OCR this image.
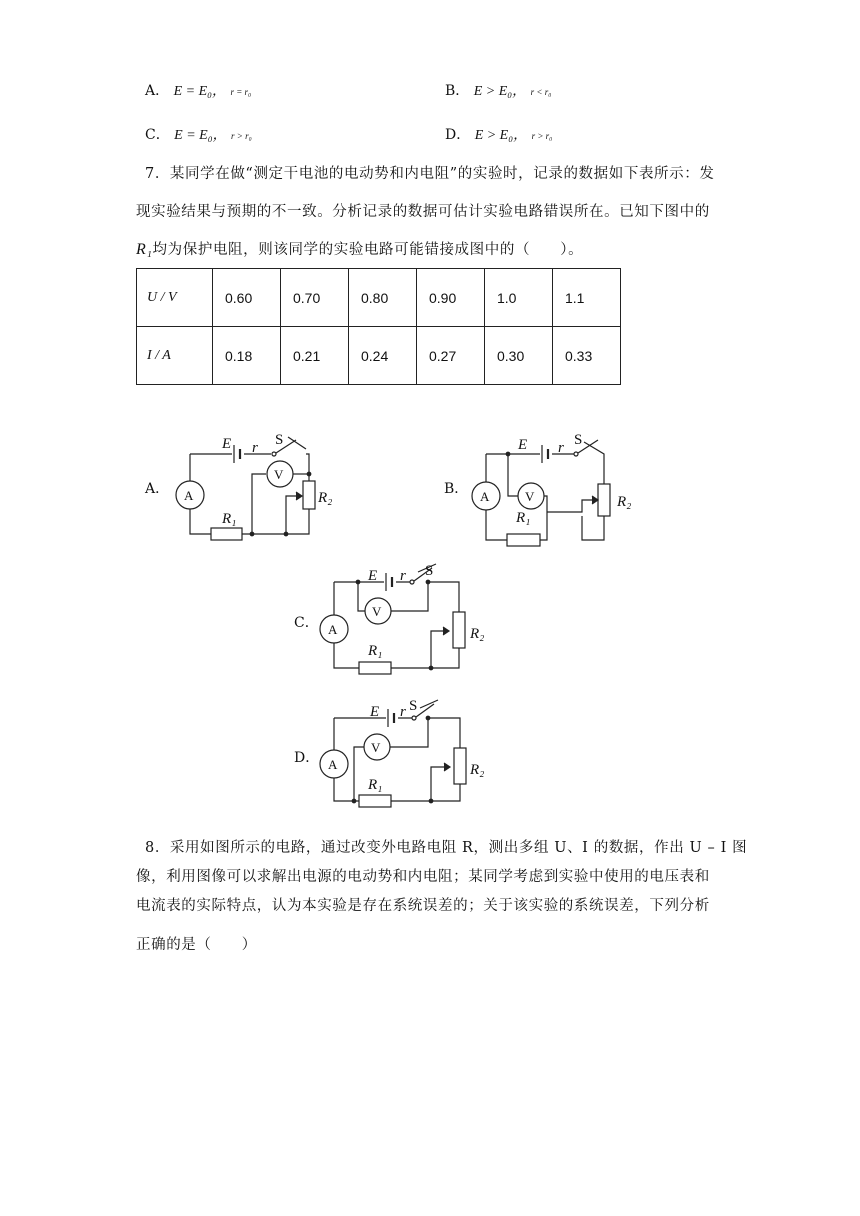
A． E = E₀， r = r₀	B． E > E₀， r < r₀
C． E = E₀， r > r₀	D． E > E₀， r > r₀
7．某同学在做“测定干电池的电动势和内电阻”的实验时，记录的数据如下表所示：发
现实验结果与预期的不一致。分析记录的数据可估计实验电路错误所在。已知下图中的
R₁均为保护电阻，则该同学的实验电路可能错接成图中的（　　）。
U / V	0.60	0.70	0.80	0.90	1.0	1.1
I / A	0.18	0.21	0.24	0.27	0.30	0.33
A．
E r S
A
V
R₁
R₂
B．
E r S
A	V
R₁
R₂
C．
E r S
A
V
R₁
R₂
D．
E r S
A
V
R₁
R₂
8．采用如图所示的电路，通过改变外电路电阻 R，测出多组 U、I 的数据，作出 U – I 图
像，利用图像可以求解出电源的电动势和内电阻；某同学考虑到实验中使用的电压表和
电流表的实际特点，认为本实验是存在系统误差的；关于该实验的系统误差，下列分析
正确的是（　　）
